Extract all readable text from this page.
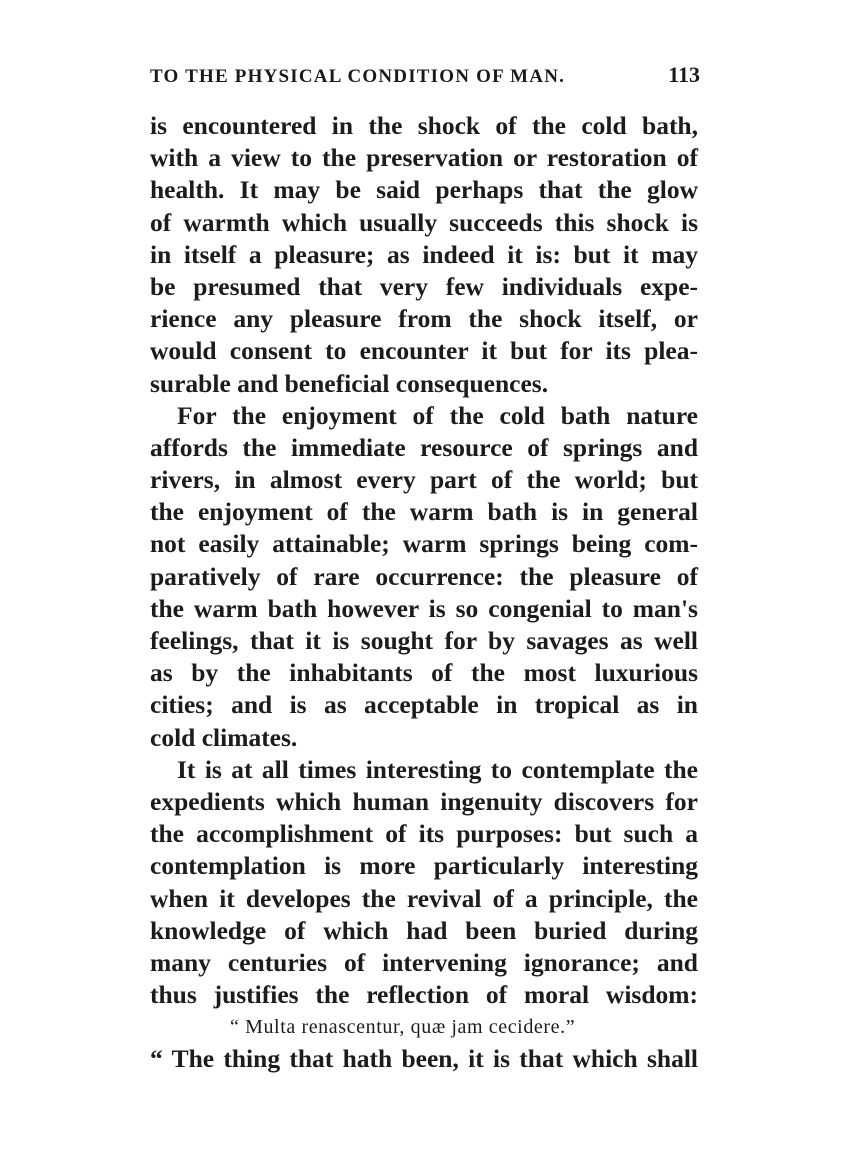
TO THE PHYSICAL CONDITION OF MAN.	113
is encountered in the shock of the cold bath,
with a view to the preservation or restoration of
health. It may be said perhaps that the glow
of warmth which usually succeeds this shock is
in itself a pleasure; as indeed it is: but it may
be presumed that very few individuals expe-
rience any pleasure from the shock itself, or
would consent to encounter it but for its plea-
surable and beneficial consequences.
For the enjoyment of the cold bath nature
affords the immediate resource of springs and
rivers, in almost every part of the world; but
the enjoyment of the warm bath is in general
not easily attainable; warm springs being com-
paratively of rare occurrence: the pleasure of
the warm bath however is so congenial to man's
feelings, that it is sought for by savages as well
as by the inhabitants of the most luxurious
cities; and is as acceptable in tropical as in
cold climates.
It is at all times interesting to contemplate the
expedients which human ingenuity discovers for
the accomplishment of its purposes: but such a
contemplation is more particularly interesting
when it developes the revival of a principle, the
knowledge of which had been buried during
many centuries of intervening ignorance; and
thus justifies the reflection of moral wisdom:
“ Multa renascentur, quæ jam cecidere.”
“ The thing that hath been, it is that which shall
